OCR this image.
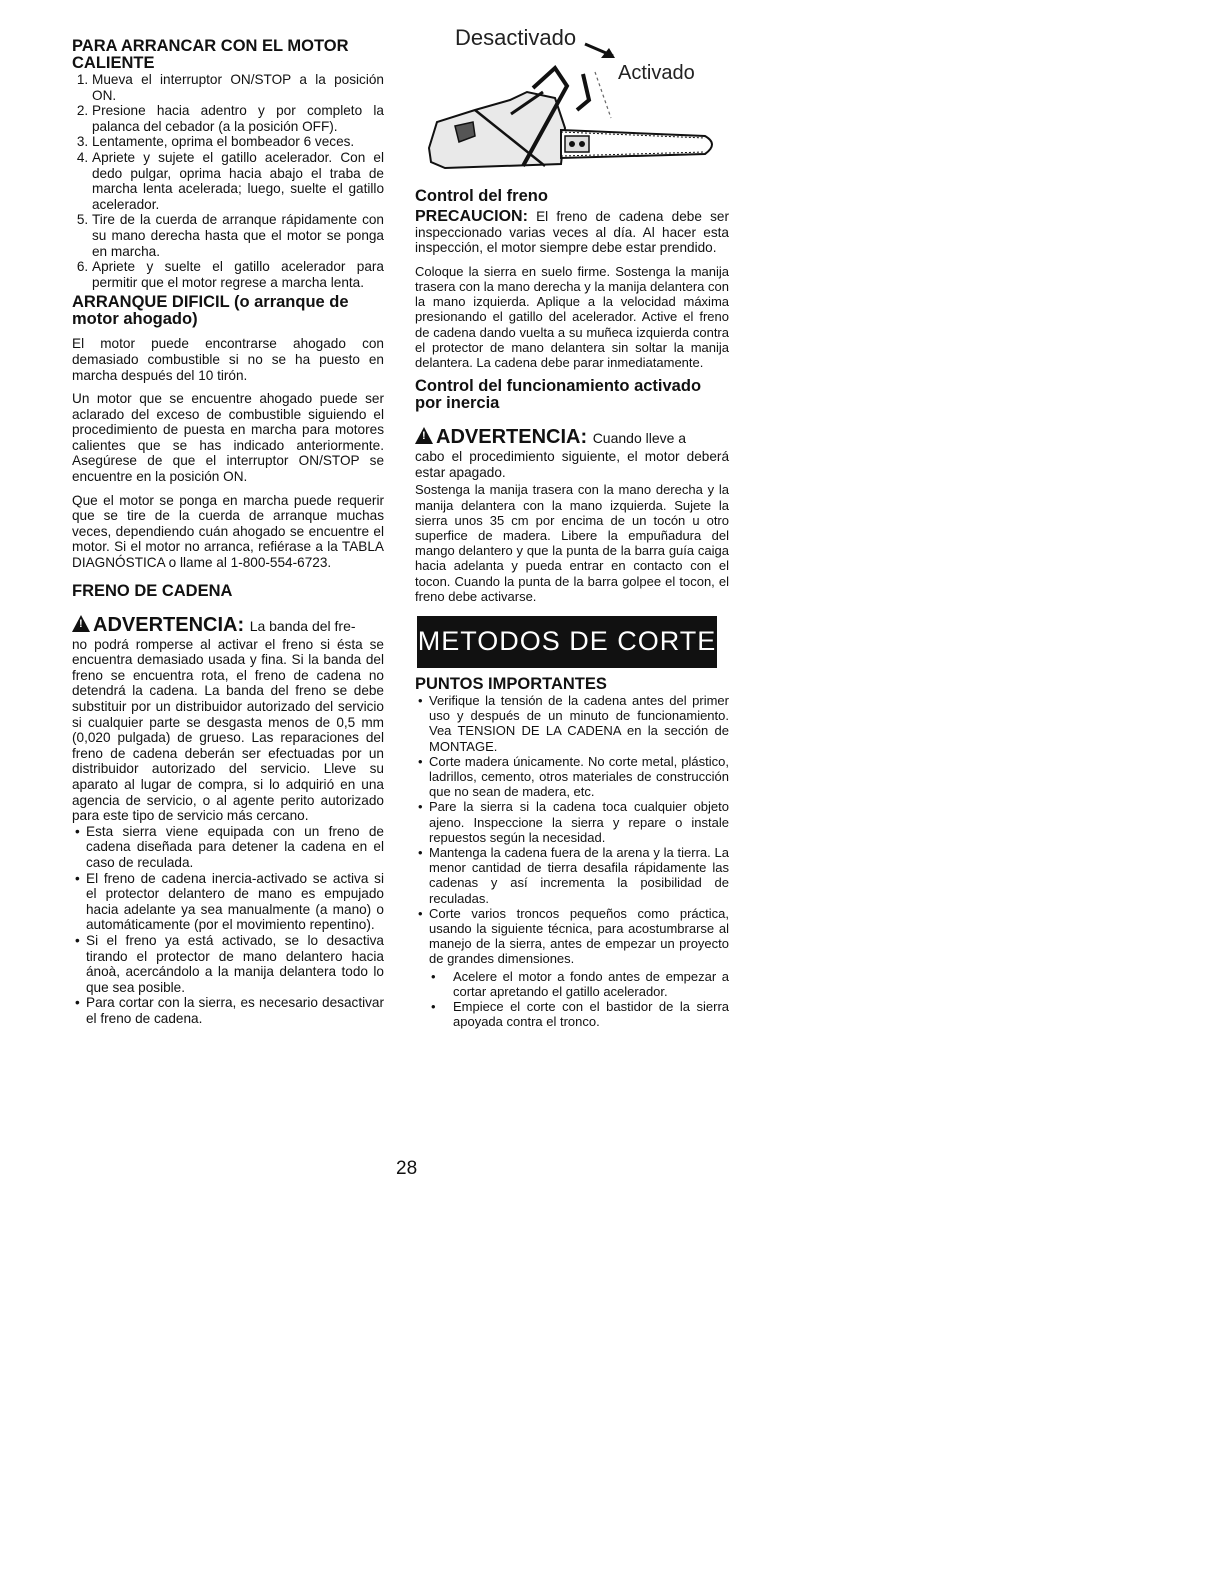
PARA ARRANCAR CON EL MOTOR CALIENTE
1. Mueva el interruptor ON/STOP a la posición ON.
2. Presione hacia adentro y por completo la palanca del cebador (a la posición OFF).
3. Lentamente, oprima el bombeador 6 veces.
4. Apriete y sujete el gatillo acelerador. Con el dedo pulgar, oprima hacia abajo el traba de marcha lenta acelerada; luego, suelte el gatillo acelerador.
5. Tire de la cuerda de arranque rápidamente con su mano derecha hasta que el motor se ponga en marcha.
6. Apriete y suelte el gatillo acelerador para permitir que el motor regrese a marcha lenta.
ARRANQUE DIFICIL (o arranque de motor ahogado)

El motor puede encontrarse ahogado con demasiado combustible si no se ha puesto en marcha después del 10 tirón.

Un motor que se encuentre ahogado puede ser aclarado del exceso de combustible siguiendo el procedimiento de puesta en marcha para motores calientes que se has indicado anteriormente. Asegúrese de que el interruptor ON/STOP se encuentre en la posición ON.

Que el motor se ponga en marcha puede requerir que se tire de la cuerda de arranque muchas veces, dependiendo cuán ahogado se encuentre el motor. Si el motor no arranca, refiérase a la TABLA DIAGNÓSTICA o llame al 1-800-554-6723.

FRENO DE CADENA
!ADVERTENCIA: La banda del fre-

no podrá romperse al activar el freno si ésta se encuentra demasiado usada y fina. Si la banda del freno se encuentra rota, el freno de cadena no detendrá la cadena. La banda del freno se debe substituir por un distribuidor autorizado del servicio si cualquier parte se desgasta menos de 0,5 mm (0,020 pulgada) de grueso. Las reparaciones del freno de cadena deberán ser efectuadas por un distribuidor autorizado del servicio. Lleve su aparato al lugar de compra, si lo adquirió en una agencia de servicio, o al agente perito autorizado para este tipo de servicio más cercano.

• Esta sierra viene equipada con un freno de cadena diseñada para detener la cadena en el caso de reculada.
• El freno de cadena inercia-activado se activa si el protector delantero de mano es empujado hacia adelante ya sea manualmente (a mano) o automáticamente (por el movimiento repentino).
• Si el freno ya está activado, se lo desactiva tirando el protector de mano delantero hacia ánoà, acercándolo a la manija delantera todo lo que sea posible.
• Para cortar con la sierra, es necesario desactivar el freno de cadena.
Desactivado
Activado
Control del freno

PRECAUCION: El freno de cadena debe ser inspeccionado varias veces al día. Al hacer esta inspección, el motor siempre debe estar prendido.

Coloque la sierra en suelo firme. Sostenga la manija trasera con la mano derecha y la manija delantera con la mano izquierda. Aplique a la velocidad máxima presionando el gatillo del acelerador. Active el freno de cadena dando vuelta a su muñeca izquierda contra el protector de mano delantera sin soltar la manija delantera. La cadena debe parar inmediatamente.

Control del funcionamiento activado por inercia
!ADVERTENCIA: Cuando lleve a

cabo el procedimiento siguiente, el motor deberá estar apagado.

Sostenga la manija trasera con la mano derecha y la manija delantera con la mano izquierda. Sujete la sierra unos 35 cm por encima de un tocón u otro superfice de madera. Libere la empuñadura del mango delantero y que la punta de la barra guía caiga hacia adelanta y pueda entrar en contacto con el tocon. Cuando la punta de la barra golpee el tocon, el freno debe activarse.

METODOS DE CORTE
PUNTOS IMPORTANTES
• Verifique la tensión de la cadena antes del primer uso y después de un minuto de funcionamiento. Vea TENSION DE LA CADENA en la sección de MONTAGE.
• Corte madera únicamente. No corte metal, plástico, ladrillos, cemento, otros materiales de construcción que no sean de madera, etc.
• Pare la sierra si la cadena toca cualquier objeto ajeno. Inspeccione la sierra y repare o instale repuestos según la necesidad.
• Mantenga la cadena fuera de la arena y la tierra. La menor cantidad de tierra desafila rápidamente las cadenas y así incrementa la posibilidad de reculadas.
• Corte varios troncos pequeños como práctica, usando la siguiente técnica, para acostumbrarse al manejo de la sierra, antes de empezar un proyecto de grandes dimensiones.
• Acelere el motor a fondo antes de empezar a cortar apretando el gatillo acelerador.
• Empiece el corte con el bastidor de la sierra apoyada contra el tronco.
28
